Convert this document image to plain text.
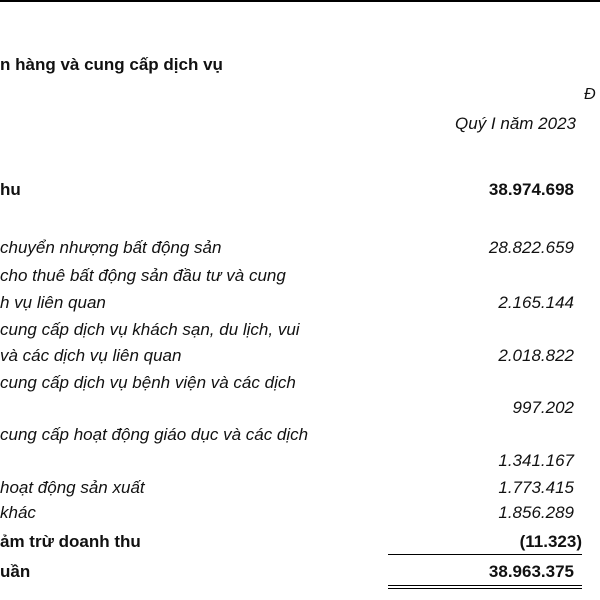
n hàng và cung cấp dịch vụ
Đ
Quý I năm 2023
hu	38.974.698
chuyển nhượng bất động sản	28.822.659
cho thuê bất động sản đầu tư và cung
h vụ liên quan	2.165.144
cung cấp dịch vụ khách sạn, du lịch, vui
và các dịch vụ liên quan	2.018.822
cung cấp dịch vụ bệnh viện và các dịch
997.202
cung cấp hoạt động giáo dục và các dịch
1.341.167
hoạt động sản xuất	1.773.415
khác	1.856.289
ảm trừ doanh thu	(11.323)
uần	38.963.375
